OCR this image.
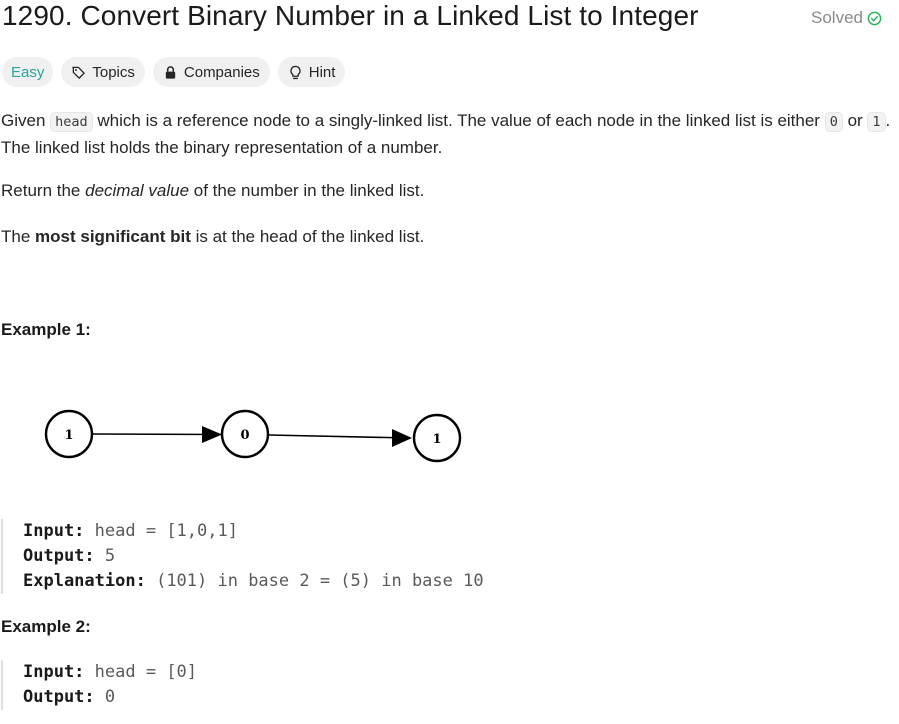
1290. Convert Binary Number in a Linked List to Integer	Solved
Easy	Topics	Companies	Hint

Given head which is a reference node to a singly-linked list. The value of each node in the linked list is either 0 or 1 . The linked list holds the binary representation of a number.

Return the decimal value of the number in the linked list.
The most significant bit is at the head of the linked list.
Example 1:
1	0	1
Input: head = [1,0,1]
Output: 5
Explanation: (101) in base 2 = (5) in base 10
Example 2:
Input: head = [0]
Output: 0
